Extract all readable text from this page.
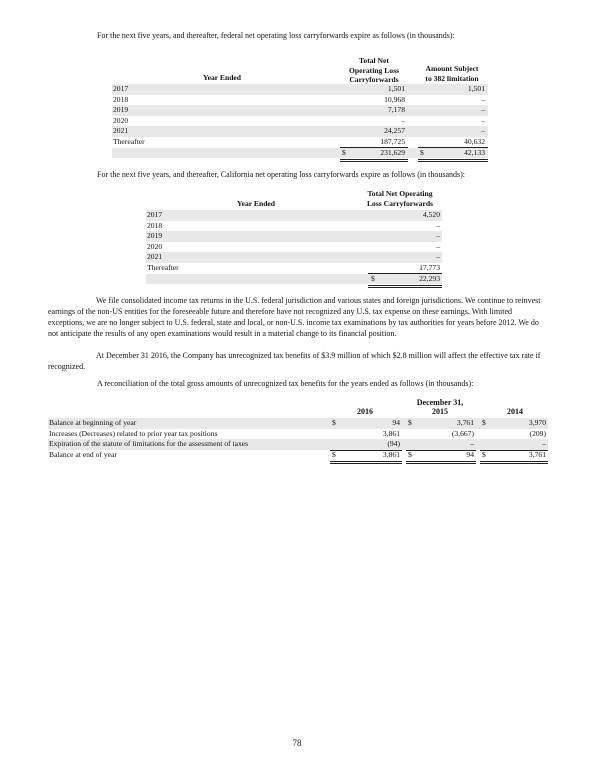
For the next five years, and thereafter, federal net operating loss carryforwards expire as follows (in thousands):

Year Ended
Total Net
Operating Loss
Carryforwards
Amount Subject
to 382 limitation
2017	1,501	1,501
2018	10,968	–
2019	7,178	–
2020	–	–
2021	24,257	–
Thereafter	187,725	40,632
$	231,629 $	42,133

For the next five years, and thereafter, California net operating loss carryforwards expire as follows (in thousands):

Year Ended
Total Net Operating
Loss Carryforwards
2017	4,520
2018	–
2019	–
2020	–
2021	–
Thereafter	17,773
$	22,293

We file consolidated income tax returns in the U.S. federal jurisdiction and various states and foreign jurisdictions. We continue to reinvest earnings of the non-US entities for the foreseeable future and therefore have not recognized any U.S. tax expense on these earnings. With limited exceptions, we are no longer subject to U.S. federal, state and local, or non-U.S. income tax examinations by tax authorities for years before 2012. We do not anticipate the results of any open examinations would result in a material change to its financial position.

At December 31 2016, the Company has unrecognized tax benefits of $3.9 million of which $2.8 million will affect the effective tax rate if recognized.

A reconciliation of the total gross amounts of unrecognized tax benefits for the years ended as follows (in thousands):

December 31,
2016	2015	2014
Balance at beginning of year	$	94 $	3,761 $	3,970
Increases (Decreases) related to prior year tax positions	3,861	(3,667)	(209)
Expiration of the statute of limitations for the assessment of taxes	(94)	–	–
Balance at end of year	$	3,861 $	94 $	3,761
78
